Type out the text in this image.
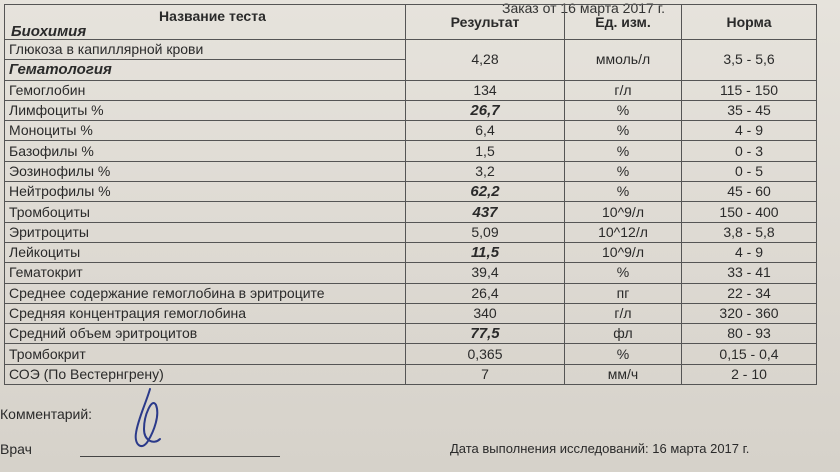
Заказ от 16 марта 2017 г.
Название теста
Биохимия	Результат	Ед. изм.	Норма
Глюкоза в капиллярной крови	4,28	ммоль/л	3,5 - 5,6
Гематология			
Гемоглобин	134	г/л	115 - 150
Лимфоциты %	26,7	%	35 - 45
Моноциты %	6,4	%	4 - 9
Базофилы %	1,5	%	0 - 3
Эозинофилы %	3,2	%	0 - 5
Нейтрофилы %	62,2	%	45 - 60
Тромбоциты	437	10^9/л	150 - 400
Эритроциты	5,09	10^12/л	3,8 - 5,8
Лейкоциты	11,5	10^9/л	4 - 9
Гематокрит	39,4	%	33 - 41
Среднее содержание гемоглобина в эритроците	26,4	пг	22 - 34
Средняя концентрация гемоглобина	340	г/л	320 - 360
Средний объем эритроцитов	77,5	фл	80 - 93
Тромбокрит	0,365	%	0,15 - 0,4
СОЭ (По Вестернгрену)	7	мм/ч	2 - 10
Комментарий:
Врач	Дата выполнения исследований: 16 марта 2017 г.
